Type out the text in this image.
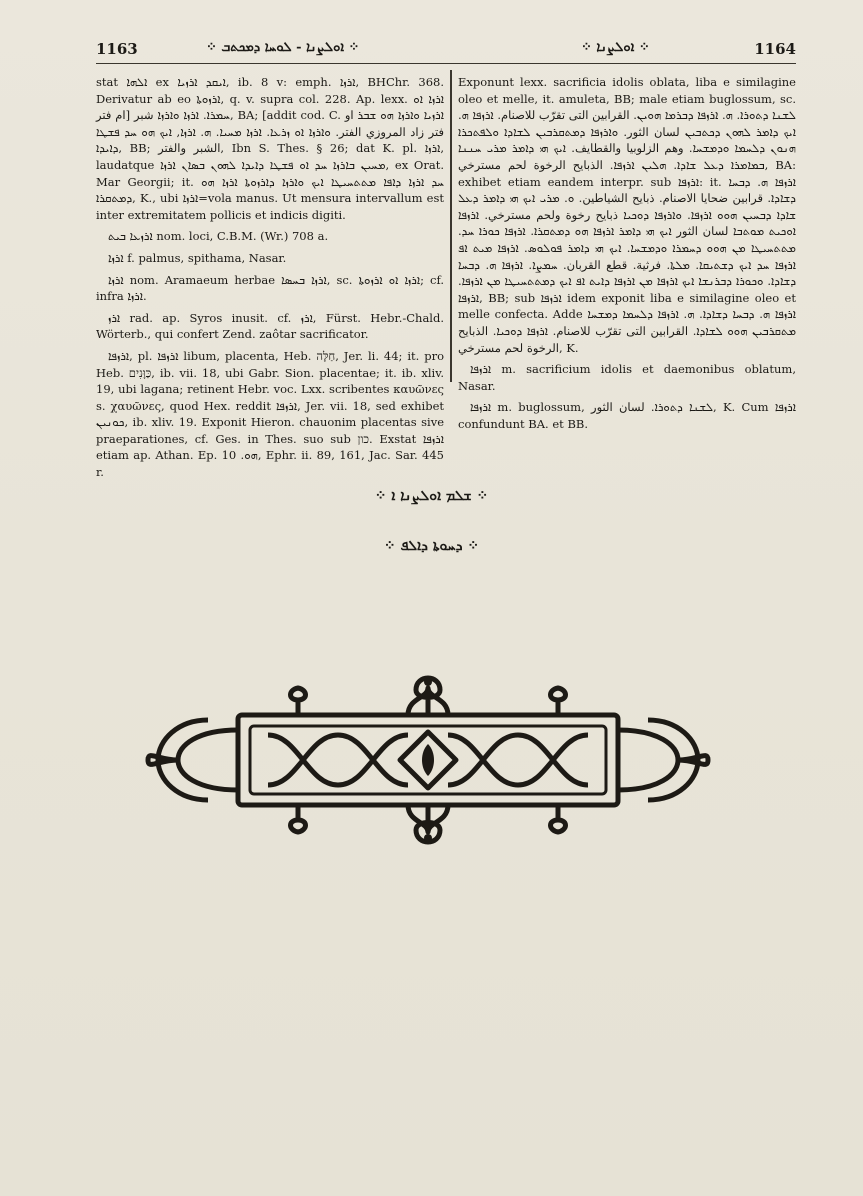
1163	⁘ ܐܘܠܨܢܐ - ܠܘܚܐ ܕܡܟܬܒ ⁘	⁘ ܐܘܠܨܢܐ ⁘	1164

stat ܐܠܗܐ ex ܐܝܩܕ ܐܪܙܝܐ, ib. 8 v: emph. ܐܪܙܐ, BHChr. 368. Derivatur ab eo ܐܪܙܘܬܐ, q. v. supra col. 228. Ap. lexx. ܐܪܙܐ ܐܘ ܚܡܪܐ. ܐܪܙܐ ܘܐܪܙܐ شبر [ام فتر, BA; [addit cod. C. ܐܪܙܝܐ ܘܐܪܙܐ ܗܘ ܫܒܪ او فتر زاد المروزي الفتر. ܘܐܪܙܐ ܐܘ ܙܪܥܐ. ܐܪܙܐ ܡܚܝܐ. ܗ. ܐܪܙܐ, ܐܝܟ ܗܘ ܚܕ ܦܫܛܐ ܕܐܝܕܐ, BB; الشبر والفتر, Ibn S. Thes. § 26; dat K. pl. ܐܪܙܐ, laudatque ܡܚܝܢ ܒܐܪܙܐ ܚܕ ܐܘ ܦܫܛܐ ܕܐܝܕܐ ܠܗܘܢ ܒܣܐܢ ܐܪܙܐ, ex Orat. Mar Georgii; it. ܚܕ ܐܪܙܐ ܕܐܦܐ ܡܬܬܚܝܛܐ ܐܝܟ ܘܐܪܙܐ ܕܐܪܙܘܬܐ ܐܪܙܐ ܗܘ ܕܡܬܩܪܐ, K., ubi ܐܪܙܐ=vola manus. Ut mensura intervallum est inter extremitatem pollicis et indicis digiti.

ܐܪܙܥܐ ܒܝܬ nom. loci, C.B.M. (Wr.) 708 a.

ܐܪܙܐ f. palmus, spithama, Nasar.

ܐܪܙܐ nom. Aramaeum herbae ܐܪܙܐ ܒܚܣܐ, sc. ܐܪܙܐ ܐܘ ܐܪܙܘܬܐ; cf. infra ܐܪܙܐ.

ܐܪܙ rad. ap. Syros inusit. cf. ܐܪܙ, Fürst. Hebr.-Chald. Wörterb., qui confert Zend. zaôtar sacrificator.

ܐܪܙܦܐ, pl. ܐܪܙܦܐ libum, placenta, Heb. חַלָּה, Jer. li. 44; it. pro Heb. כַּוָּנִים, ib. vii. 18, ubi Gabr. Sion. placentae; it. ib. xliv. 19, ubi lagana; retinent Hebr. voc. Lxx. scribentes καυῶνες s. χαυῶνες, quod Hex. reddit ܐܪܙܦܐ, Jer. vii. 18, sed exhibet ܟܘܢܝܢ, ib. xliv. 19. Exponit Hieron. chauonim placentas sive praeparationes, cf. Ges. in Thes. suo sub כון. Exstat ܐܪܙܦܐ etiam ap. Athan. Ep. ܗܘ. 10, Ephr. ii. 89, 161, Jac. Sar. 445 r.

Exponunt lexx. sacrificia idolis oblata, liba e similagine oleo et melle, it. amuleta, BB; male etiam buglossum, sc. ܠܫܢܐ ܕܬܘܪܐ. ܗ. ܐܪܙܦܐ ܕܒܪܡܐ ܗܘܝܢ. القرابين التى تقرّب للاصنام. ܐܪܙܦܐ ܗ. ܐܝܟ ܕܐܡܪ ܠܗܘܢ ܕܟܬܒܝܢ لسان الثور. ܘܐܪܙܦܐ ܕܡܬܩܪܒܝܢ ܠܫܐܕܐ ܘܠܦܬܟܪܐ ܗܢܘܢ ܕܠܚܡܐ ܘܕܡܫܚܐ. وهم الزلوبيا والقطايف. ܐܝܟ ܗܝ ܕܐܡܪ ܡܪܝ ܚܢܢܐ ܒܡܐܡܪܐ ܕܥܠ ܫܐܕܐ. ܗܠܝܢ ܐܪܙܦܐ. الذبايح الرخوة لحم مسترخي, BA: exhibet etiam eandem interpr. sub ܐܪܙܦܐ: it. ܐܪܙܦܐ ܗ. ܕܒܚܐ ܕܫܐܕܐ. قرابين ضحايا الاصنام. ذبايح الشياطين. ܘ. ܡܪܝ ܐܝܟ ܗܝ ܕܐܡܪ ܕܥܠ ܫܐܕܐ ܕܒܚܝܢ ܗܘܘ ܐܪܙܦܐ. ܘܐܪܙܦܐ ܕܘܟܝܐ ذبايح رخوة ولحم مسترخي. ܐܪܙܦܐ ܐܘܟܝܬ ܡܘܬܒܐ لسان الثور ܐܝܟ ܗܝ ܕܐܡܪ ܐܪܙܦܐ ܗܘ ܕܡܬܩܪܐ. ܐܪܙܦܐ ܟܘܪܐ ܚܕ. ܡܬܬܚܝܛܐ ܡܢ ܗܘܘ ܕܚܡܪܐ ܘܕܡܫܚܐ. ܐܝܟ ܗܝ ܕܐܡܪ ܦܘܠܘܣ. ܐܪܙܦܐ ܡܝܬ ܐܦ ܐܪܙܦܐ ܚܕ ܐܝܟ ܕܫܬܝܩܐ. ܡܠܬܐ. فرثية. قطع القربان. ܚܡܨܐ. ܐܪܙܦܐ ܗ. ܕܒܚܐ ܕܫܐܕܐ. ܘܟܘܪܐ ܕܒܪܢܫܐ ܐܝܟ ܐܪܙܦܐ ܡܢ ܐܪܙܦܐ ܕܐܝܬ ܐܦ ܐܝܟ ܕܡܬܬܚܝܛܐ ܡܢ ܐܪܙܦܐ. ܐܪܙܦܐ, BB; sub ܐܪܙܦܐ idem exponit liba e similagine oleo et melle confecta. Adde ܐܪܙܦܐ ܗ. ܕܒܚܐ ܕܫܐܕܐ. ܗ. ܐܪܙܦܐ ܕܠܚܡܐ ܕܡܫܚܐ ܡܬܩܪܒܝܢ ܗܘܘ ܠܫܐܕܐ. القرابين التى تقرّب للاصنام. ܐܪܙܦܐ ܕܘܟܝܐ. الذبايح الرخوة لحم مسترخي, K.

ܐܪܙܦܐ m. sacrificium idolis et daemonibus oblatum, Nasar.

ܐܪܙܦܐ m. buglossum, ܠܫܢܐ ܕܬܘܪܐ. لسان الثور, K. Cum ܐܪܙܦܐ confundunt BA. et BB.

⁘ ܫܠܡ ܐܘܠܨܢܐ ܐ ⁘
⁘ ܕܚܘܬܐ ܕܐܠܦ ⁘
